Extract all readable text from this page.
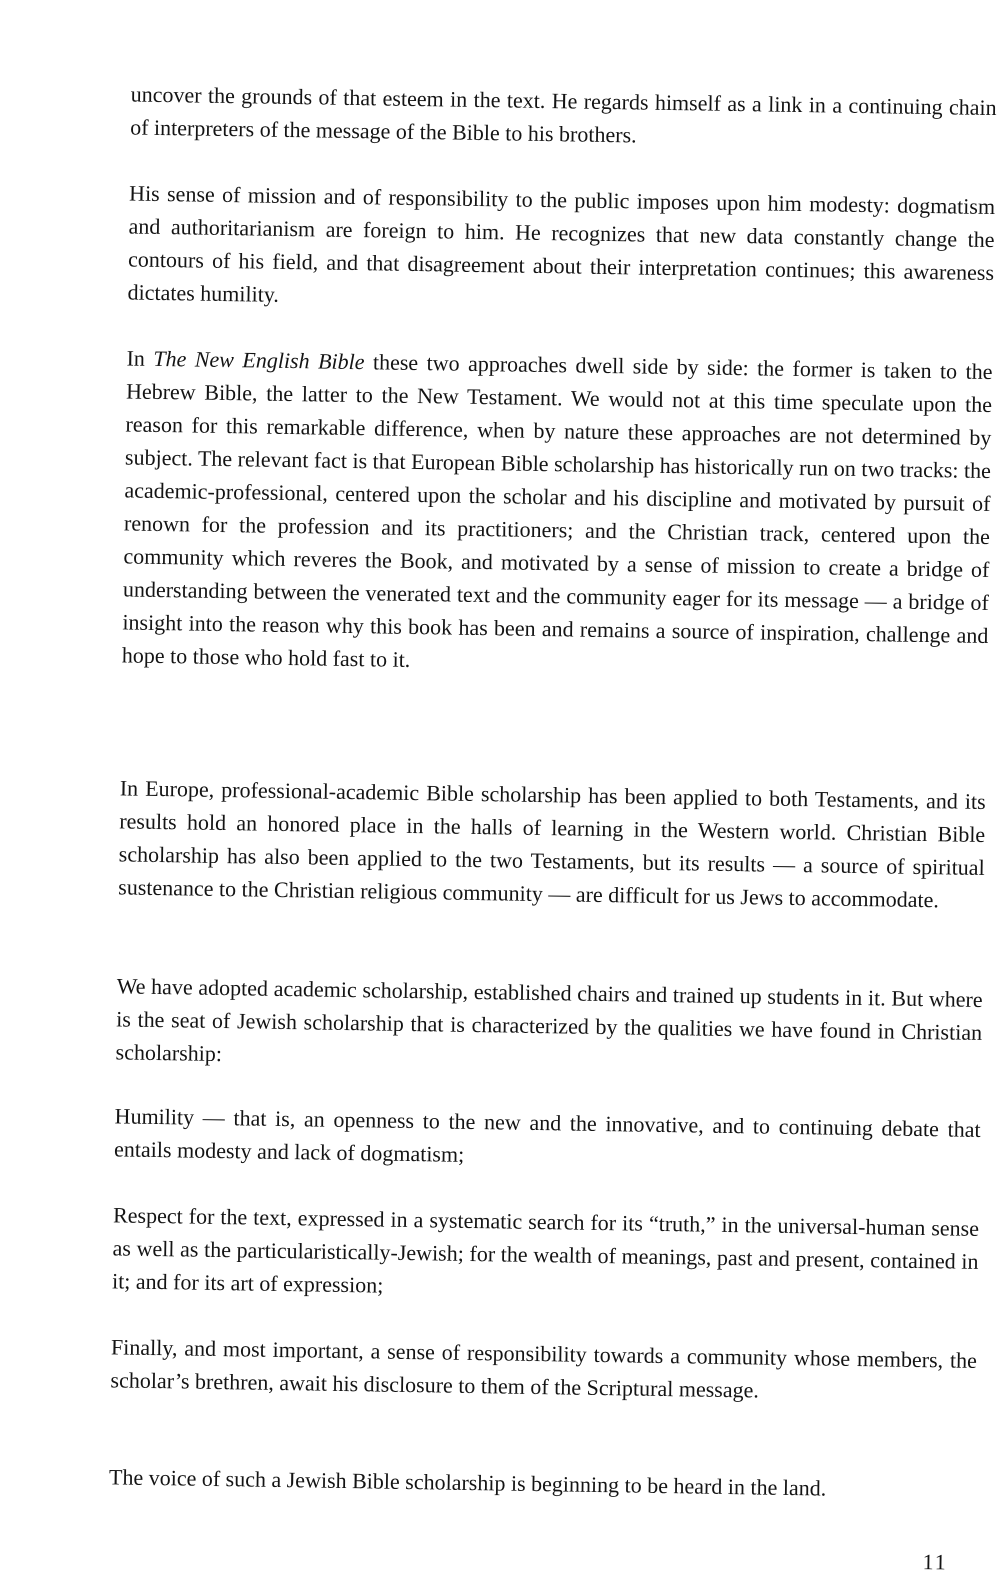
uncover the grounds of that esteem in the text. He regards himself as a link in a continuing chain of interpreters of the message of the Bible to his brothers.

His sense of mission and of responsibility to the public imposes upon him modesty: dogmatism and authoritarianism are foreign to him. He recognizes that new data constantly change the contours of his field, and that disagreement about their interpretation continues; this awareness dictates humility.

In The New English Bible these two approaches dwell side by side: the former is taken to the Hebrew Bible, the latter to the New Testament. We would not at this time speculate upon the reason for this remarkable difference, when by nature these approaches are not determined by subject. The relevant fact is that European Bible scholarship has historically run on two tracks: the academic-professional, centered upon the scholar and his discipline and motivated by pursuit of renown for the profession and its practitioners; and the Christian track, centered upon the community which reveres the Book, and motivated by a sense of mission to create a bridge of understanding between the venerated text and the community eager for its message — a bridge of insight into the reason why this book has been and remains a source of inspiration, challenge and hope to those who hold fast to it.

In Europe, professional-academic Bible scholarship has been applied to both Testaments, and its results hold an honored place in the halls of learning in the Western world. Christian Bible scholarship has also been applied to the two Testaments, but its results — a source of spiritual sustenance to the Christian religious community — are difficult for us Jews to accommodate.

We have adopted academic scholarship, established chairs and trained up students in it. But where is the seat of Jewish scholarship that is characterized by the qualities we have found in Christian scholarship:

Humility — that is, an openness to the new and the innovative, and to continuing debate that entails modesty and lack of dogmatism;

Respect for the text, expressed in a systematic search for its “truth,” in the universal-human sense as well as the particularistically-Jewish; for the wealth of meanings, past and present, contained in it; and for its art of expression;

Finally, and most important, a sense of responsibility towards a community whose members, the scholar’s brethren, await his disclosure to them of the Scriptural message.

The voice of such a Jewish Bible scholarship is beginning to be heard in the land.

11
